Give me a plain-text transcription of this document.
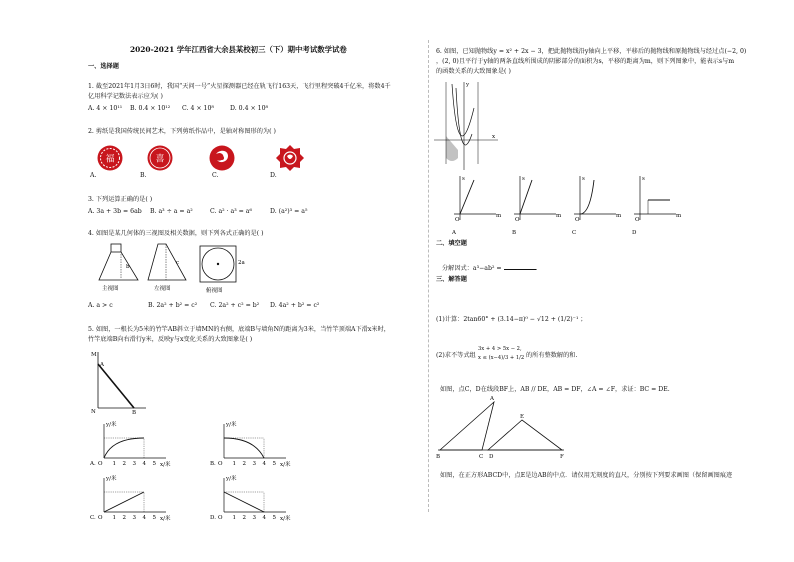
2020-2021 学年江西省大余县某校初三（下）期中考试数学试卷
一、选择题
1. 截至2021年1月3日6时，我国“天问一号”火星探测器已经在轨飞行163天，飞行里程突破4千亿米，将数4千
亿用科学记数法表示应为( )
A. 4 × 10¹¹ B. 0.4 × 10¹² C. 4 × 10⁸	D. 0.4 × 10⁸
2. 剪纸是我国传统民间艺术，下列剪纸作品中，是轴对称图形的为( )
福	喜
A.	B.	C.	D.
3. 下列运算正确的是( )
A. 3a + 3b = 6ab B. a³ ÷ a = a²	C. a² · a³ = a⁶	D. (a²)³ = a⁵
4. 如图是某几何体的三视图及相关数据，则下列各式正确的是( )
b
主视图
c
左视图
2a
俯视图
A. a > c	B. 2a² + b² = c² C. 2a² + c² = b² D. 4a² + b² = c²
5. 如图，一根长为5米的竹竿AB斜立于墙MN的右侧，底端B与墙角N的距离为3米，当竹竿顶端A下滑x米时，
竹竿底端B向右滑行y米，反映y与x变化关系的大致图象是( )
M
A
N	B
y/米
x/米
O
A.	1 2 3 4 5
y/米
x/米
O
B.	1 2 3 4 5
y/米
x/米
O
C.	1 2 3 4 5
y/米
x/米
O
D.	1 2 3 4 5
6. 如图，已知抛物线y = x² + 2x − 3，把此抛物线沿y轴向上平移，平移后的抛物线和原抛物线与经过点(−2, 0)
，(2, 0)且平行于y轴的两条直线所围成的阴影部分的面积为s，平移的距离为m，则下列图象中，能表示s与m
的函数关系的大致图象是( )
x
y
s
m
O
A
s
m
O
B
s
m
O
C
s
m
O
D
二、填空题
分解因式：a³−ab² =	.
三、解答题
(1)计算：2tan60° + (3.14−π)⁰ − √12 + (1/2)⁻¹ ；
(2)求不等式组
3x + 4 > 5x − 2,
x ≤ (x−4)/3 + 1/2 的所有整数解的和.
如图，点C，D在线段BF上，AB // DE，AB = DF，∠A = ∠F，求证：BC = DE.
A
E
B	C D	F
如图，在正方形ABCD中，点E是边AB的中点．请仅用无刻度的直尺，分别按下列要求画图（保留画图痕迹
